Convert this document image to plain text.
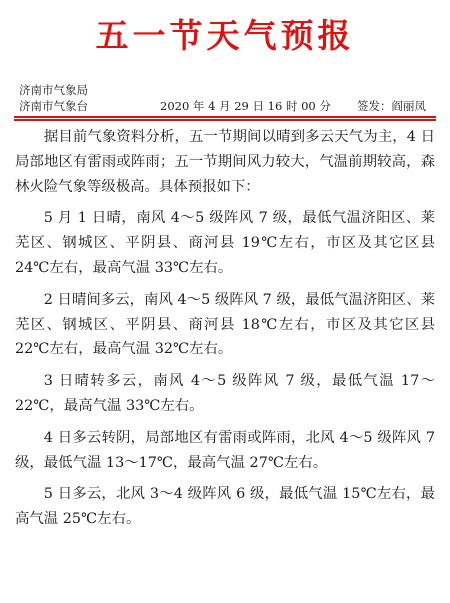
五一节天气预报
济南市气象局
济南市气象台	2020 年 4 月 29 日 16 时 00 分 签发：阎丽凤

据目前气象资料分析，五一节期间以晴到多云天气为主，4 日局部地区有雷雨或阵雨；五一节期间风力较大，气温前期较高，森林火险气象等级极高。具体预报如下：

5 月 1 日晴，南风 4～5 级阵风 7 级，最低气温济阳区、莱芜区、钢城区、平阴县、商河县 19℃左右，市区及其它区县 24℃左右，最高气温 33℃左右。

2 日晴间多云，南风 4～5 级阵风 7 级，最低气温济阳区、莱芜区、钢城区、平阴县、商河县 18℃左右，市区及其它区县 22℃左右，最高气温 32℃左右。

3 日晴转多云，南风 4～5 级阵风 7 级，最低气温 17～22℃，最高气温 33℃左右。

4 日多云转阴，局部地区有雷雨或阵雨，北风 4～5 级阵风 7 级，最低气温 13～17℃，最高气温 27℃左右。

5 日多云，北风 3～4 级阵风 6 级，最低气温 15℃左右，最高气温 25℃左右。
